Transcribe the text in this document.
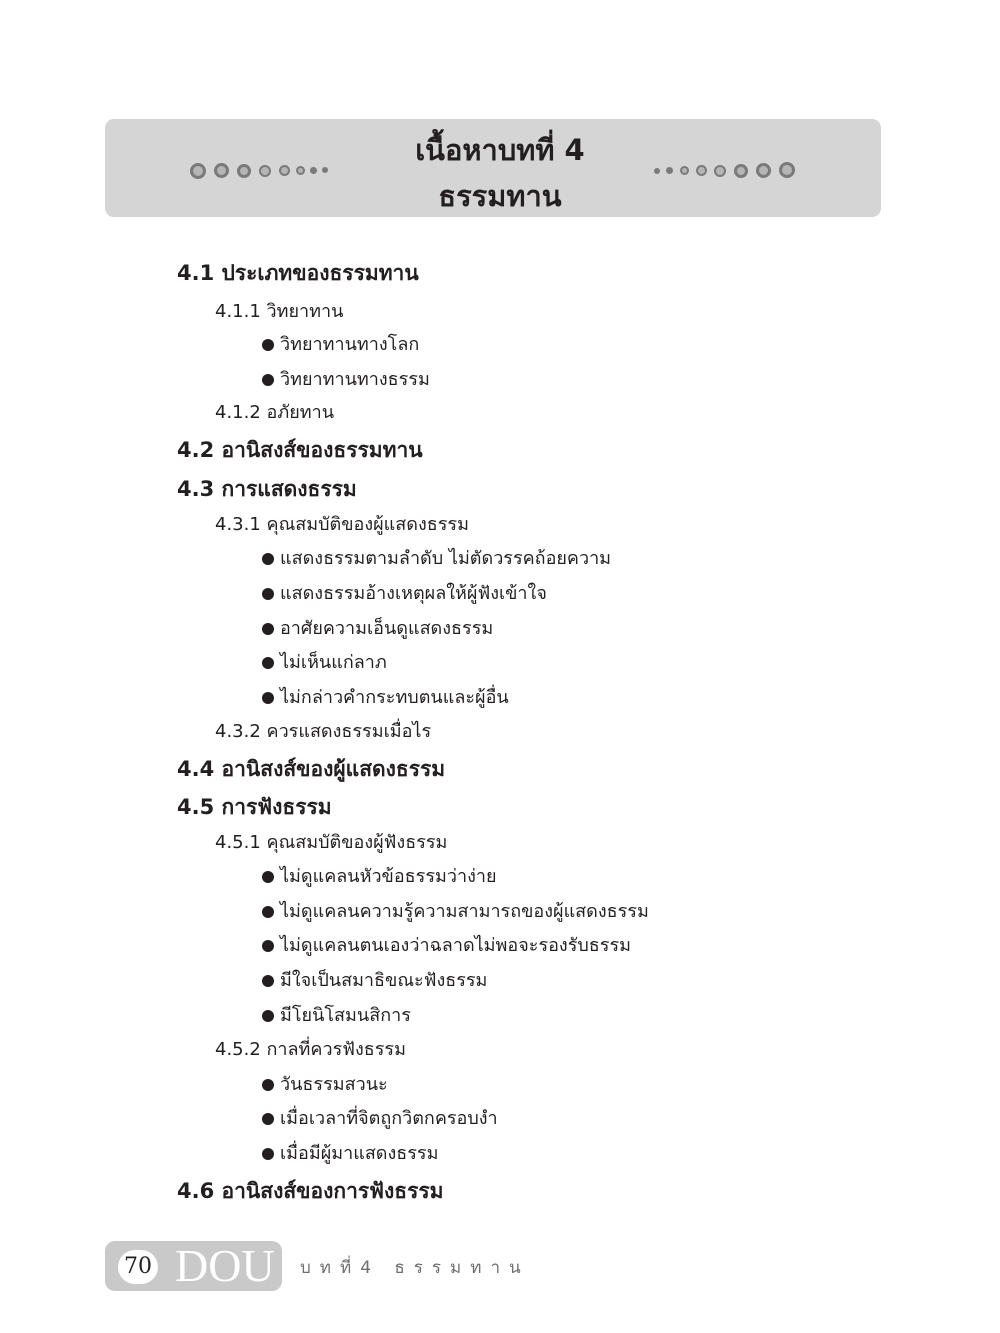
เนื้อหาบทที่ 4
ธรรมทาน
4.1 ประเภทของธรรมทาน
4.1.1 วิทยาทาน
วิทยาทานทางโลก
วิทยาทานทางธรรม
4.1.2 อภัยทาน
4.2 อานิสงส์ของธรรมทาน
4.3 การแสดงธรรม
4.3.1 คุณสมบัติของผู้แสดงธรรม
แสดงธรรมตามลำดับ ไม่ตัดวรรคถ้อยความ
แสดงธรรมอ้างเหตุผลให้ผู้ฟังเข้าใจ
อาศัยความเอ็นดูแสดงธรรม
ไม่เห็นแก่ลาภ
ไม่กล่าวคำกระทบตนและผู้อื่น
4.3.2 ควรแสดงธรรมเมื่อไร
4.4 อานิสงส์ของผู้แสดงธรรม
4.5 การฟังธรรม
4.5.1 คุณสมบัติของผู้ฟังธรรม
ไม่ดูแคลนหัวข้อธรรมว่าง่าย
ไม่ดูแคลนความรู้ความสามารถของผู้แสดงธรรม
ไม่ดูแคลนตนเองว่าฉลาดไม่พอจะรองรับธรรม
มีใจเป็นสมาธิขณะฟังธรรม
มีโยนิโสมนสิการ
4.5.2 กาลที่ควรฟังธรรม
วันธรรมสวนะ
เมื่อเวลาที่จิตถูกวิตกครอบงำ
เมื่อมีผู้มาแสดงธรรม
4.6 อานิสงส์ของการฟังธรรม
70 DOU บทที่4 ธรรมทาน
